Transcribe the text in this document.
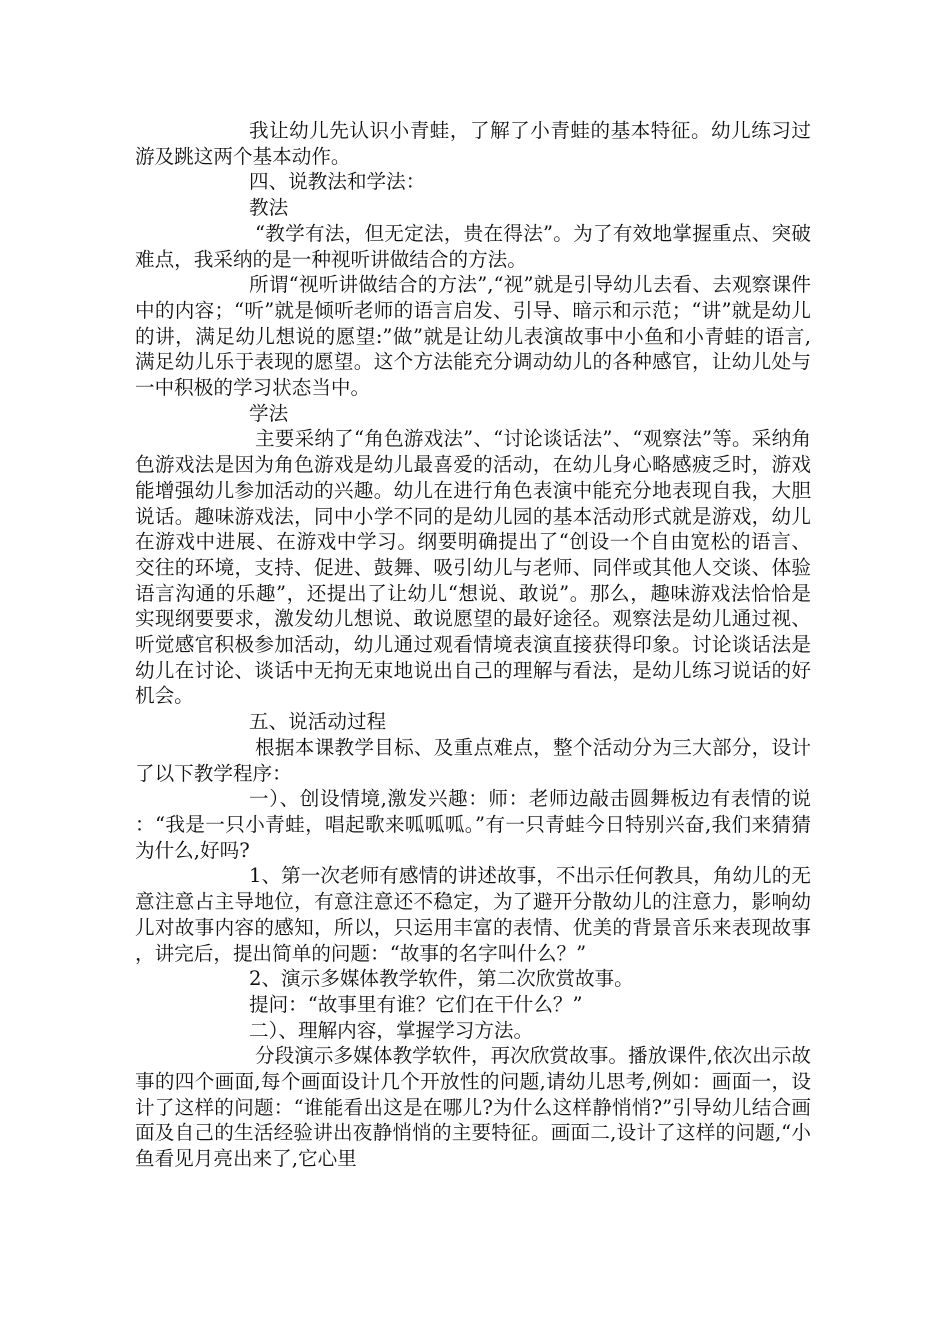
我让幼儿先认识小青蛙，了解了小青蛙的基本特征。幼儿练习过游及跳这两个基本动作。

四、说教法和学法：

教法

“教学有法，但无定法，贵在得法”。为了有效地掌握重点、突破难点，我采纳的是一种视听讲做结合的方法。

所谓“视听讲做结合的方法”,“视”就是引导幼儿去看、去观察课件中的内容；“听”就是倾听老师的语言启发、引导、暗示和示范；“讲”就是幼儿的讲，满足幼儿想说的愿望:”做”就是让幼儿表演故事中小鱼和小青蛙的语言,满足幼儿乐于表现的愿望。这个方法能充分调动幼儿的各种感官，让幼儿处与一中积极的学习状态当中。

学法

主要采纳了“角色游戏法”、“讨论谈话法”、“观察法”等。采纳角色游戏法是因为角色游戏是幼儿最喜爱的活动，在幼儿身心略感疲乏时，游戏能增强幼儿参加活动的兴趣。幼儿在进行角色表演中能充分地表现自我，大胆说话。趣味游戏法，同中小学不同的是幼儿园的基本活动形式就是游戏，幼儿在游戏中进展、在游戏中学习。纲要明确提出了“创设一个自由宽松的语言、交往的环境，支持、促进、鼓舞、吸引幼儿与老师、同伴或其他人交谈、体验语言沟通的乐趣”，还提出了让幼儿“想说、敢说”。那么，趣味游戏法恰恰是实现纲要要求，激发幼儿想说、敢说愿望的最好途径。观察法是幼儿通过视、听觉感官积极参加活动，幼儿通过观看情境表演直接获得印象。讨论谈话法是幼儿在讨论、谈话中无拘无束地说出自己的理解与看法，是幼儿练习说话的好机会。

五、说活动过程

根据本课教学目标、及重点难点，整个活动分为三大部分，设计了以下教学程序：

一）、创设情境,激发兴趣：师：老师边敲击圆舞板边有表情的说：“我是一只小青蛙，唱起歌来呱呱呱。”有一只青蛙今日特别兴奋,我们来猜猜为什么,好吗?

1、第一次老师有感情的讲述故事，不出示任何教具，角幼儿的无意注意占主导地位，有意注意还不稳定，为了避开分散幼儿的注意力，影响幼儿对故事内容的感知，所以，只运用丰富的表情、优美的背景音乐来表现故事，讲完后，提出简单的问题：“故事的名字叫什么？”

2、演示多媒体教学软件，第二次欣赏故事。

提问：“故事里有谁？它们在干什么？”

二）、理解内容，掌握学习方法。

分段演示多媒体教学软件，再次欣赏故事。播放课件,依次出示故事的四个画面,每个画面设计几个开放性的问题,请幼儿思考,例如：画面一，设计了这样的问题：“谁能看出这是在哪儿?为什么这样静悄悄?”引导幼儿结合画面及自己的生活经验讲出夜静悄悄的主要特征。画面二,设计了这样的问题,“小鱼看见月亮出来了,它心里
